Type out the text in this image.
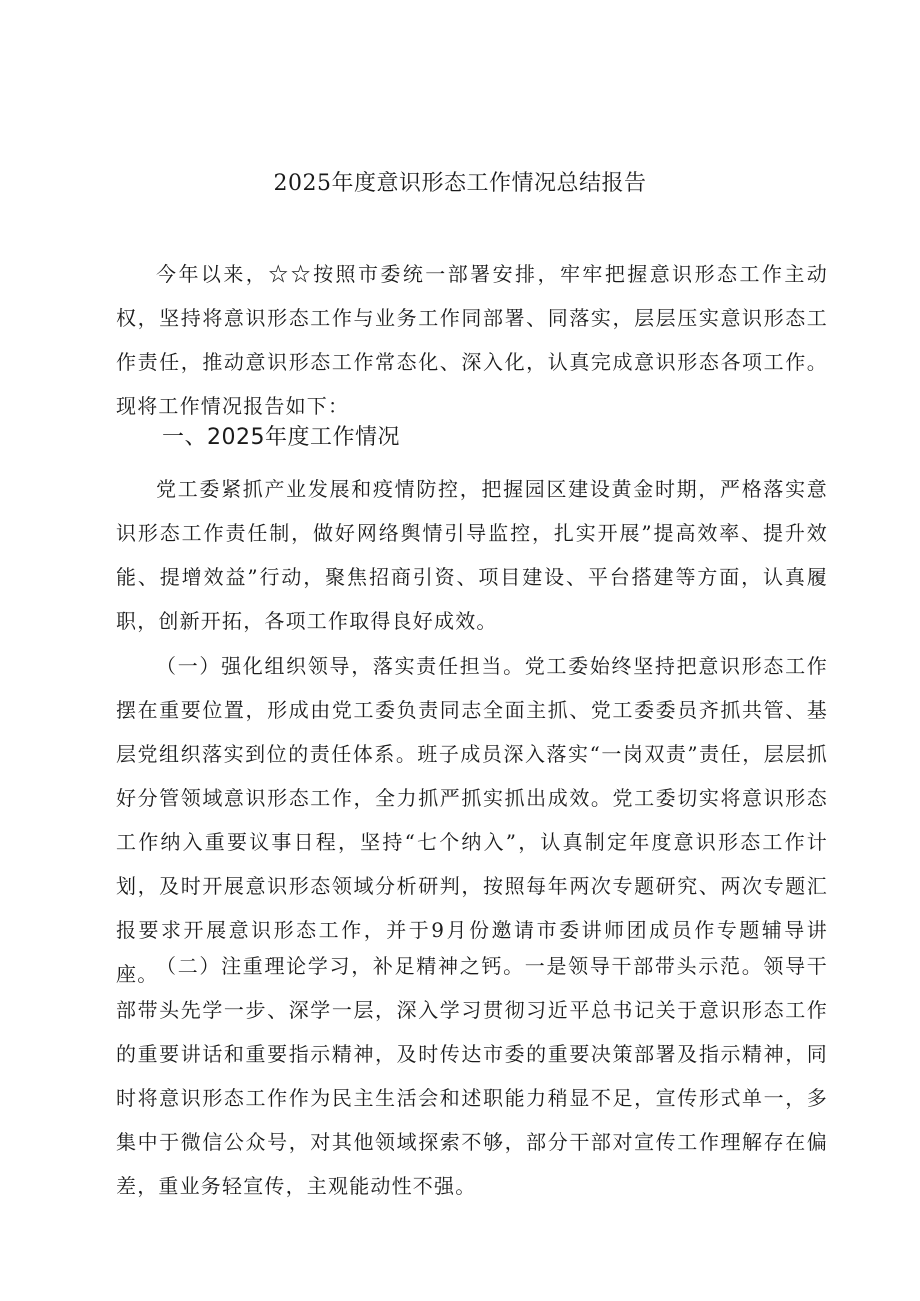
2025年度意识形态工作情况总结报告

今年以来，☆☆按照市委统一部署安排，牢牢把握意识形态工作主动权，坚持将意识形态工作与业务工作同部署、同落实，层层压实意识形态工作责任，推动意识形态工作常态化、深入化，认真完成意识形态各项工作。现将工作情况报告如下：

一、2025年度工作情况

党工委紧抓产业发展和疫情防控，把握园区建设黄金时期，严格落实意识形态工作责任制，做好网络舆情引导监控，扎实开展”提高效率、提升效能、提增效益”行动，聚焦招商引资、项目建设、平台搭建等方面，认真履职，创新开拓，各项工作取得良好成效。

（一）强化组织领导，落实责任担当。党工委始终坚持把意识形态工作摆在重要位置，形成由党工委负责同志全面主抓、党工委委员齐抓共管、基层党组织落实到位的责任体系。班子成员深入落实“一岗双责”责任，层层抓好分管领域意识形态工作，全力抓严抓实抓出成效。党工委切实将意识形态工作纳入重要议事日程，坚持“七个纳入”，认真制定年度意识形态工作计划，及时开展意识形态领域分析研判，按照每年两次专题研究、两次专题汇报要求开展意识形态工作，并于9月份邀请市委讲师团成员作专题辅导讲座。

（二）注重理论学习，补足精神之钙。一是领导干部带头示范。领导干部带头先学一步、深学一层，深入学习贯彻习近平总书记关于意识形态工作的重要讲话和重要指示精神，及时传达市委的重要决策部署及指示精神，同时将意识形态工作作为民主生活会和述职能力稍显不足，宣传形式单一，多集中于微信公众号，对其他领域探索不够，部分干部对宣传工作理解存在偏差，重业务轻宣传，主观能动性不强。
